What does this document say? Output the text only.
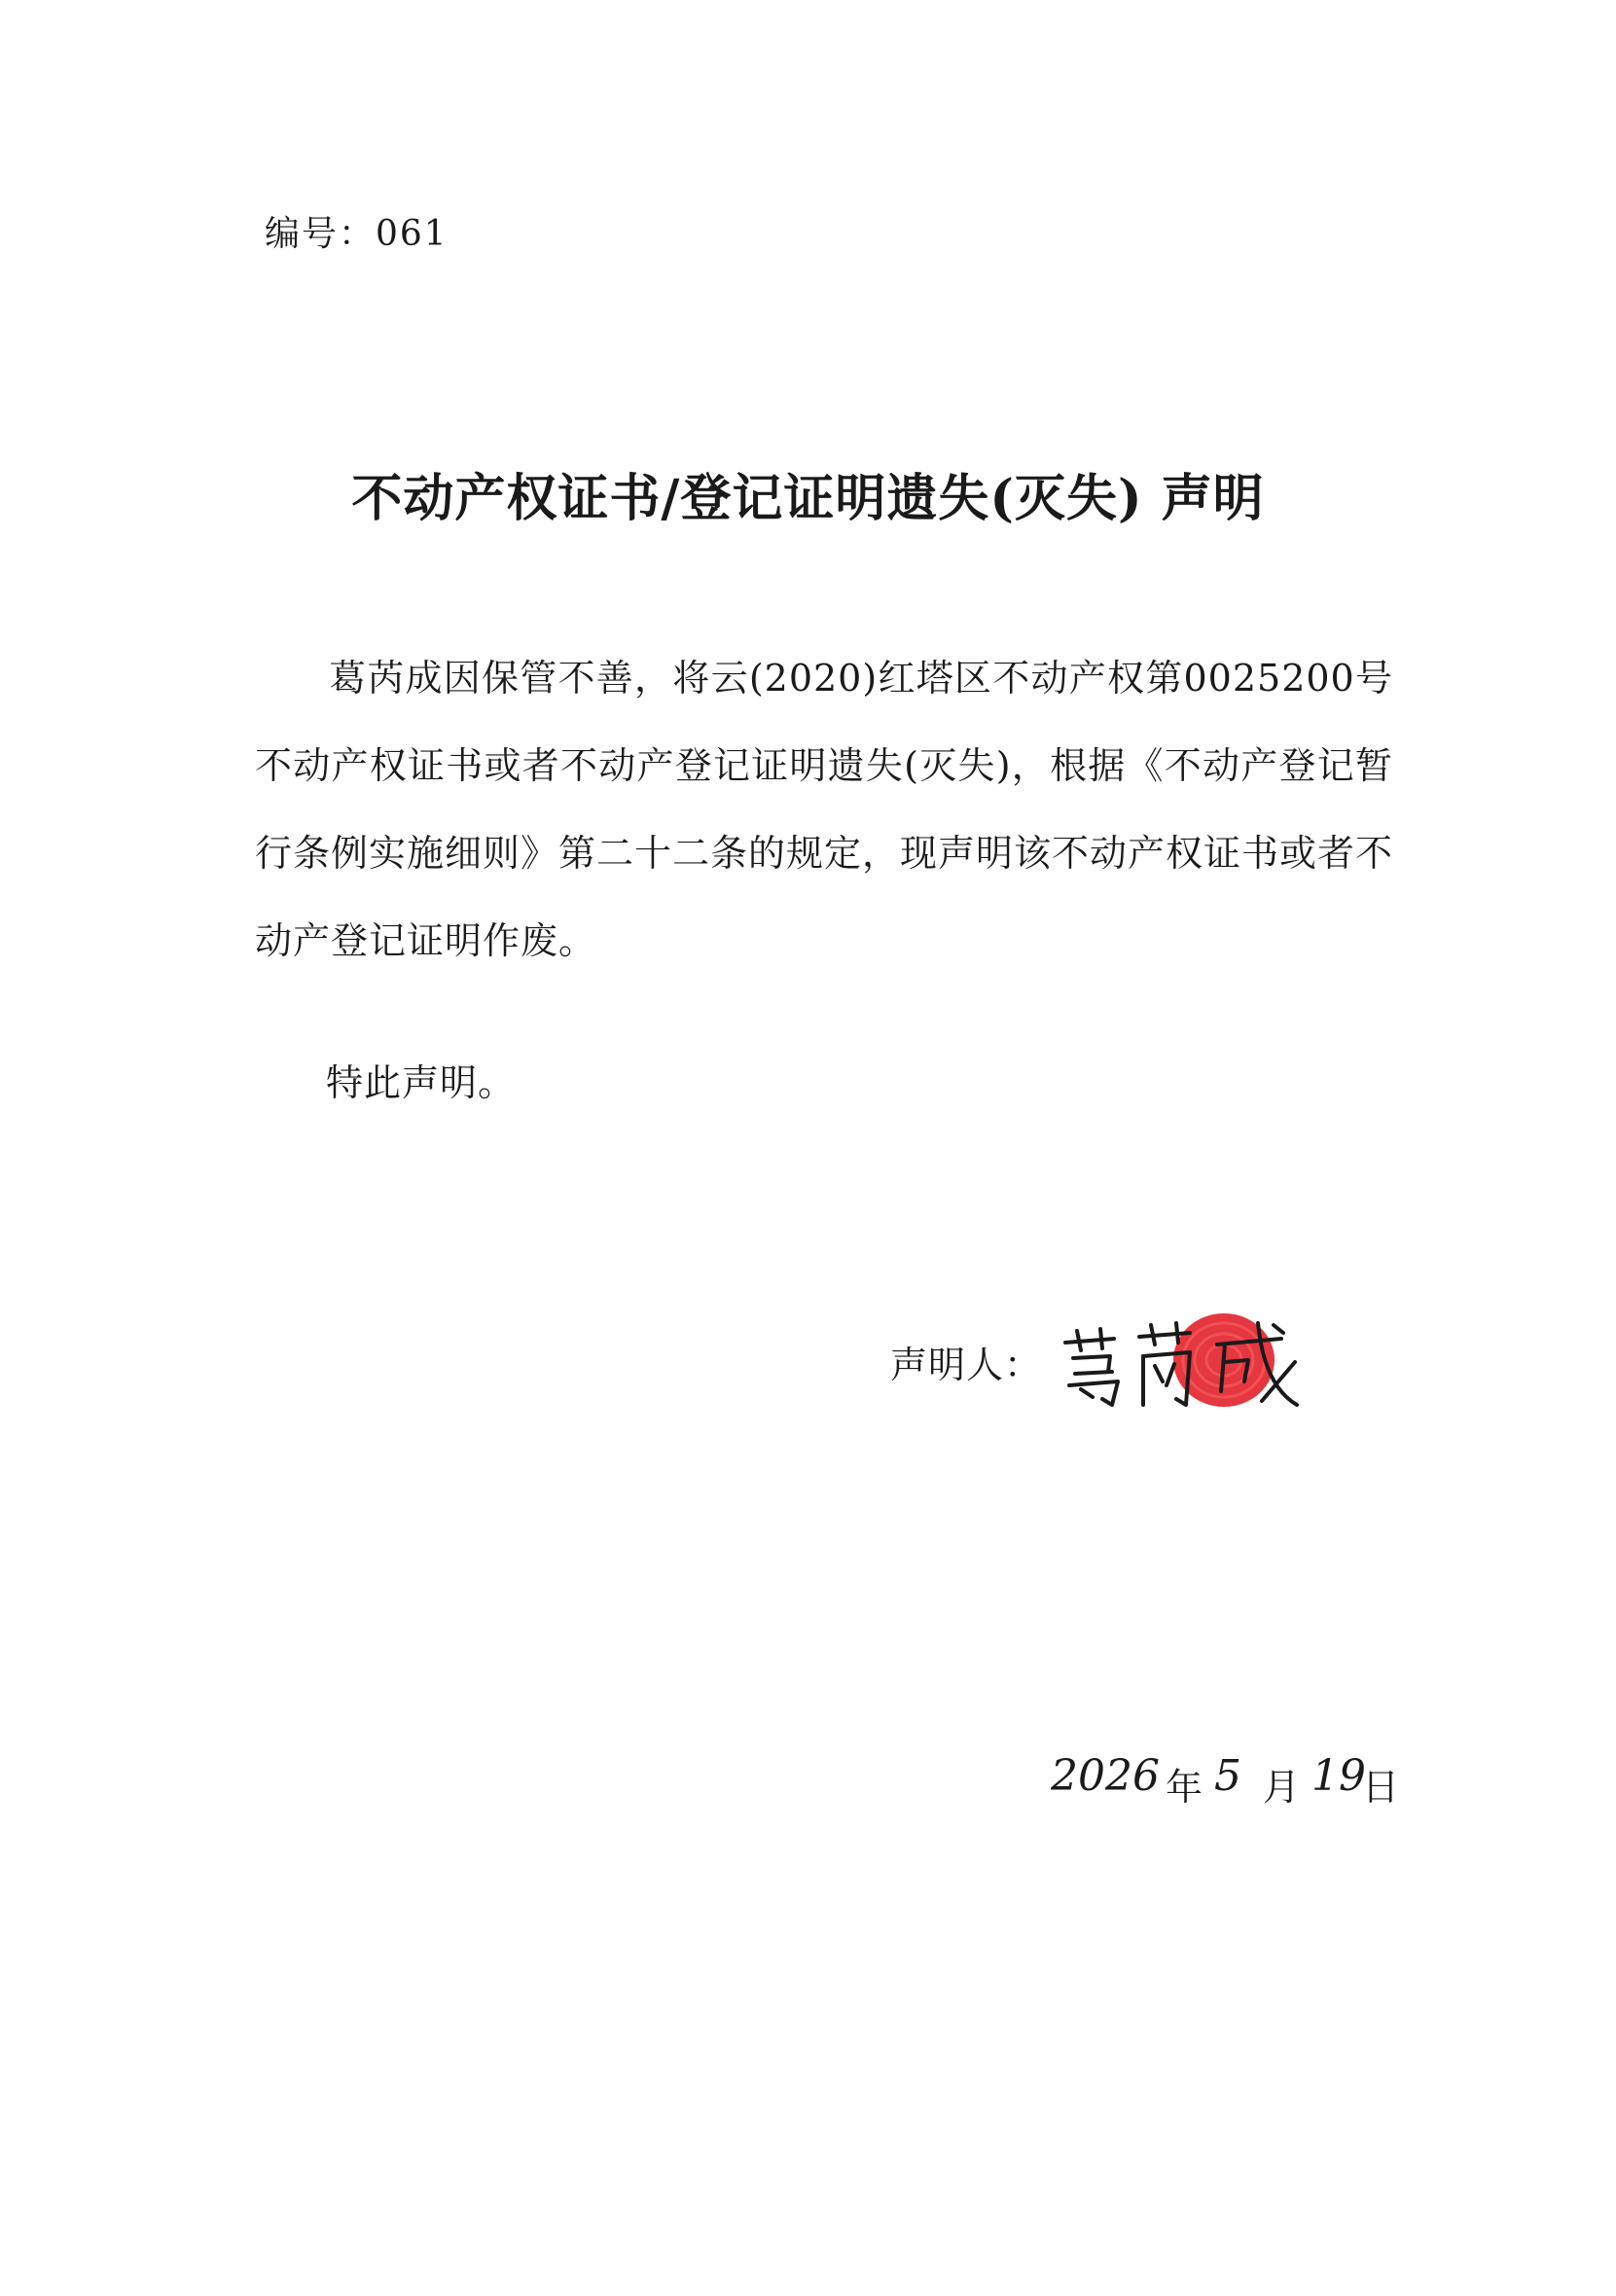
编号：061
不动产权证书/登记证明遗失(灭失) 声明
葛芮成因保管不善，将云(2020)红塔区不动产权第0025200号不动产权证书或者不动产登记证明遗失(灭失)，根据《不动产登记暂行条例实施细则》第二十二条的规定，现声明该不动产权证书或者不动产登记证明作废。
特此声明。
声明人：
2026 年 5 月 19
日
